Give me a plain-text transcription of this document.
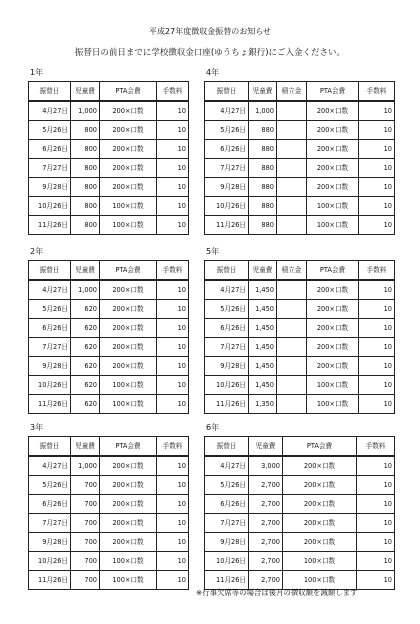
平成27年度徴収金振替のお知らせ
振替日の前日までに学校徴収金口座(ゆうちょ銀行)にご入金ください。
1年
振替日	児童費	PTA会費	手数料
4月27日	1,000	200×口数	10
5月26日	800	200×口数	10
6月26日	800	200×口数	10
7月27日	800	200×口数	10
9月28日	800	200×口数	10
10月26日	800	100×口数	10
11月26日	800	100×口数	10
4年
振替日	児童費	積立金	PTA会費	手数料
4月27日	1,000		200×口数	10
5月26日	880		200×口数	10
6月26日	880		200×口数	10
7月27日	880		200×口数	10
9月28日	880		200×口数	10
10月26日	880		100×口数	10
11月26日	880		100×口数	10
2年
振替日	児童費	PTA会費	手数料
4月27日	1,000	200×口数	10
5月26日	620	200×口数	10
6月26日	620	200×口数	10
7月27日	620	200×口数	10
9月28日	620	200×口数	10
10月26日	620	100×口数	10
11月26日	620	100×口数	10
5年
振替日	児童費	積立金	PTA会費	手数料
4月27日	1,450		200×口数	10
5月26日	1,450		200×口数	10
6月26日	1,450		200×口数	10
7月27日	1,450		200×口数	10
9月28日	1,450		200×口数	10
10月26日	1,450		100×口数	10
11月26日	1,350		100×口数	10
3年
振替日	児童費	PTA会費	手数料
4月27日	1,000	200×口数	10
5月26日	700	200×口数	10
6月26日	700	200×口数	10
7月27日	700	200×口数	10
9月28日	700	200×口数	10
10月26日	700	100×口数	10
11月26日	700	100×口数	10
6年
振替日	児童費	PTA会費	手数料
4月27日	3,000	200×口数	10
5月26日	2,700	200×口数	10
6月26日	2,700	200×口数	10
7月27日	2,700	200×口数	10
9月28日	2,700	200×口数	10
10月26日	2,700	100×口数	10
11月26日	2,700	100×口数	10
※行事欠席等の場合は後月の徴収額を減額します
